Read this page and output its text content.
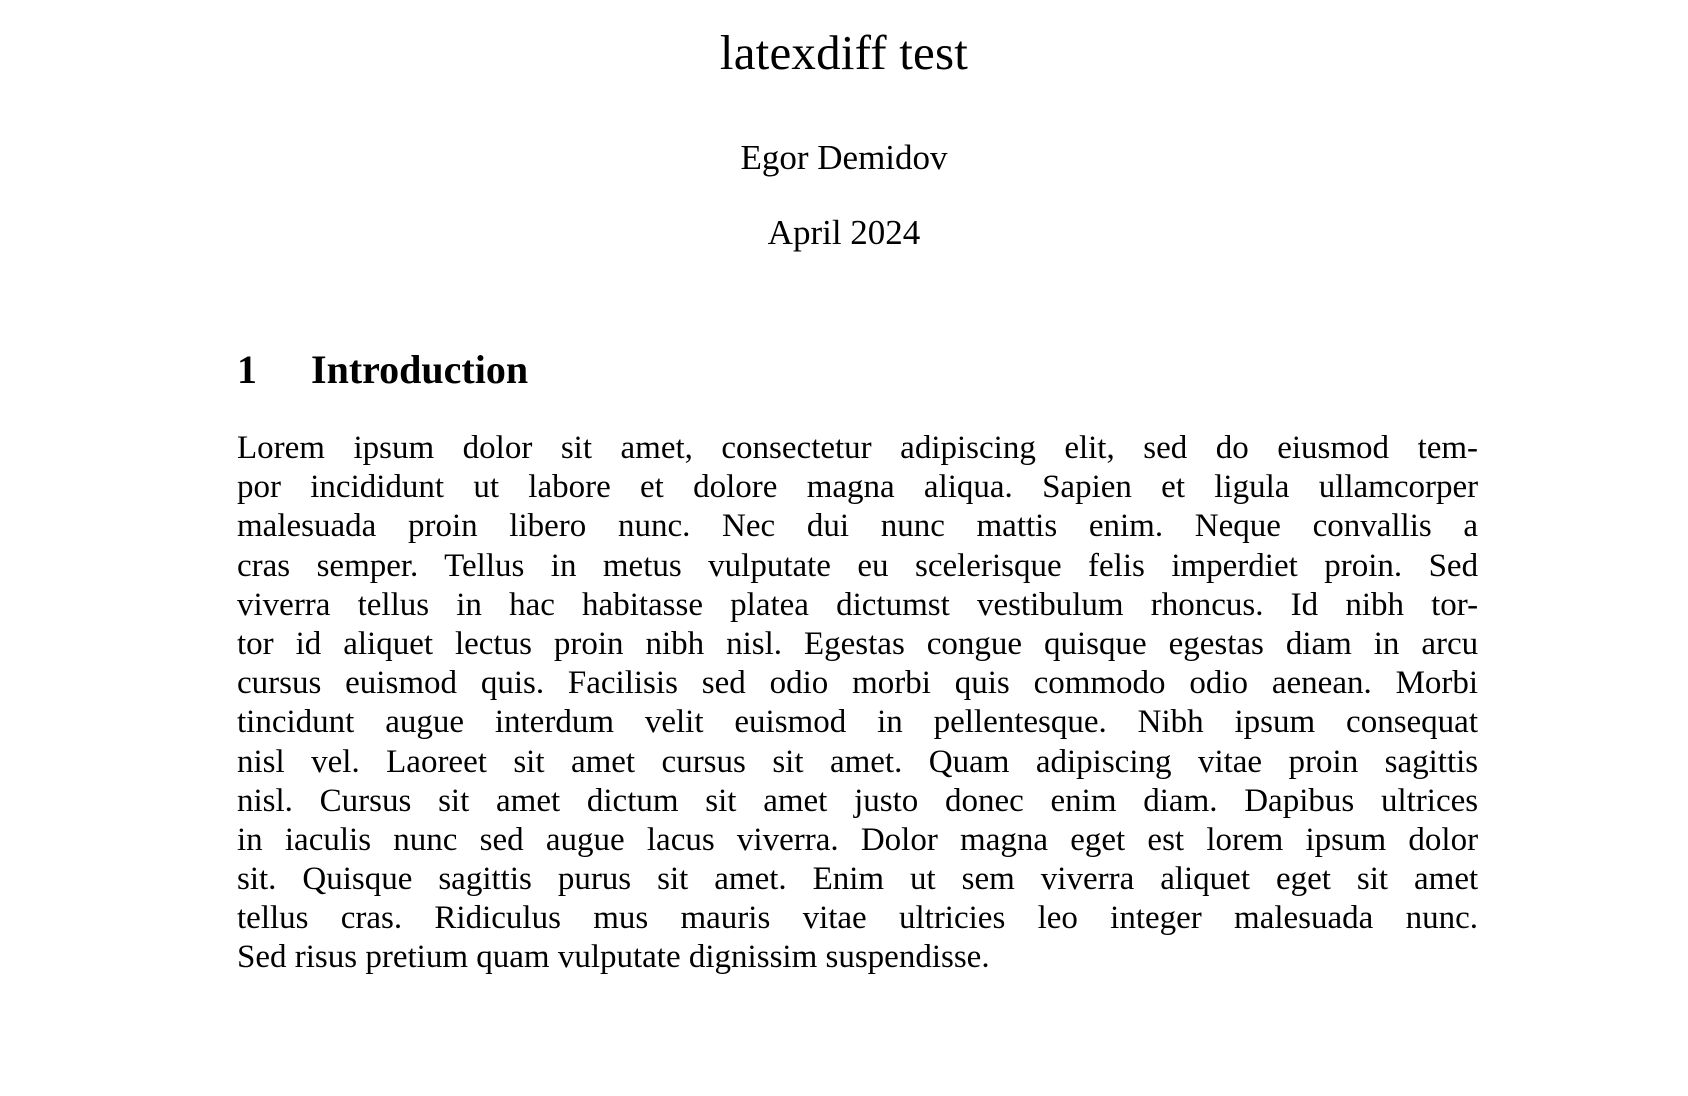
latexdiff test
Egor Demidov
April 2024
1 Introduction
Lorem ipsum dolor sit amet, consectetur adipiscing elit, sed do eiusmod tem-
por incididunt ut labore et dolore magna aliqua. Sapien et ligula ullamcorper
malesuada proin libero nunc. Nec dui nunc mattis enim. Neque convallis a
cras semper. Tellus in metus vulputate eu scelerisque felis imperdiet proin. Sed
viverra tellus in hac habitasse platea dictumst vestibulum rhoncus. Id nibh tor-
tor id aliquet lectus proin nibh nisl. Egestas congue quisque egestas diam in arcu
cursus euismod quis. Facilisis sed odio morbi quis commodo odio aenean. Morbi
tincidunt augue interdum velit euismod in pellentesque. Nibh ipsum consequat
nisl vel. Laoreet sit amet cursus sit amet. Quam adipiscing vitae proin sagittis
nisl. Cursus sit amet dictum sit amet justo donec enim diam. Dapibus ultrices
in iaculis nunc sed augue lacus viverra. Dolor magna eget est lorem ipsum dolor
sit. Quisque sagittis purus sit amet. Enim ut sem viverra aliquet eget sit amet
tellus cras. Ridiculus mus mauris vitae ultricies leo integer malesuada nunc.
Sed risus pretium quam vulputate dignissim suspendisse.
